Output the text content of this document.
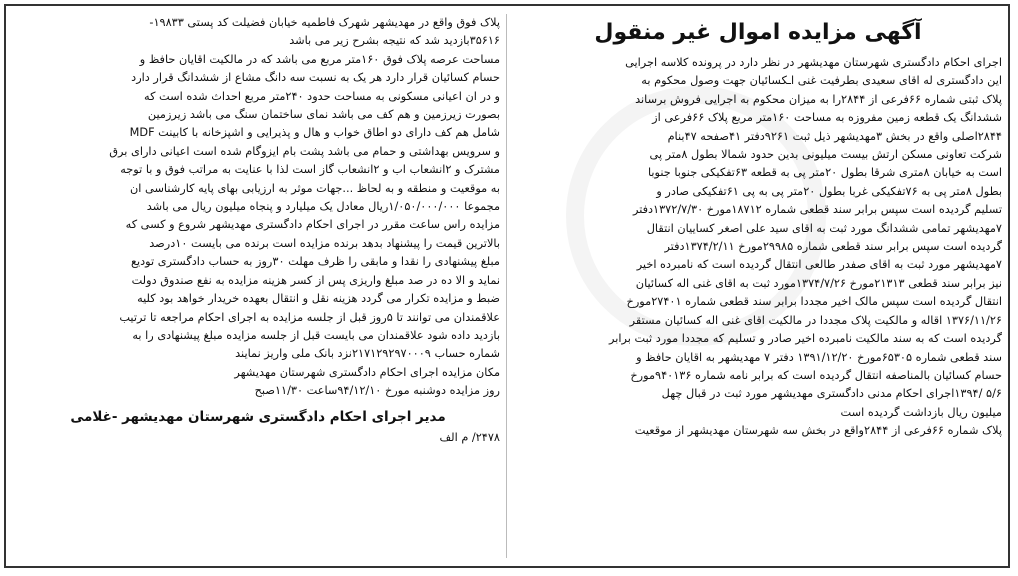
آگهی مزایده اموال غیر منقول
اجرای احکام دادگستری شهرستان مهدیشهر در نظر دارد در پرونده کلاسه اجرایی
این دادگستری له اقای سعیدی بطرفیت غنی اـکسائیان جهت وصول محکوم به
پلاک ثبتی شماره ۶۶فرعی از ۲۸۴۴را به میزان محکوم به اجرایی فروش برساند
ششدانگ یک قطعه زمین مفروزه به مساحت ۱۶۰متر مربع پلاک ۶۶فرعی از
۲۸۴۴اصلی واقع در بخش ۳مهدیشهر ذیل ثبت ۹۲۶۱دفتر ۴۱صفحه ۴۷بنام
شرکت تعاونی مسکن ارتش بیست میلیونی بدین حدود شمالا بطول ۸متر پی
است به خیابان ۸متری شرقا بطول ۲۰متر پی به قطعه ۶۳تفکیکی جنوبا جنوبا
بطول ۸متر پی به ۷۶تفکیکی غربا بطول ۲۰متر پی به پی ۶۱تفکیکی صادر و
تسلیم گردیده است سپس برابر سند قطعی شماره ۱۸۷۱۲مورخ ۱۳۷۲/۷/۳۰دفتر
۷مهدیشهر تمامی ششدانگ مورد ثبت به اقای سید علی اصغر کساییان انتقال
گردیده است سپس برابر سند قطعی شماره ۲۹۹۸۵مورخ ۱۳۷۴/۲/۱۱دفتر
۷مهدیشهر مورد ثبت به اقای صفدر طالعی انتقال گردیده است که نامبرده اخیر
نیز برابر سند قطعی ۲۱۳۱۳مورخ ۱۳۷۴/۷/۲۶مورد ثبت به اقای غنی اله کسائیان
انتقال گردیده است سپس مالک اخیر مجددا برابر سند قطعی شماره ۲۷۴۰۱مورخ
۱۳۷۶/۱۱/۲۶ اقاله و مالکیت پلاک مجددا در مالکیت اقای غنی اله کسائیان مستقر
گردیده است که به سند مالکیت نامبرده اخیر صادر و تسلیم که مجددا مورد ثبت برابر
سند قطعی شماره ۶۵۳۰۵مورخ ۱۳۹۱/۱۲/۲۰ دفتر ۷ مهدیشهر به اقایان حافظ و
حسام کسائیان بالمناصفه انتقال گردیده است که برابر نامه شماره ۹۴۰۱۳۶مورخ
۵/۶ /۱۳۹۴اجرای احکام مدنی دادگستری مهدیشهر مورد ثبت در قبال چهل
میلیون ریال بازداشت گردیده است
پلاک شماره ۶۶فرعی از ۲۸۴۴واقع در بخش سه شهرستان مهدیشهر از موقعیت
پلاک فوق واقع در مهدیشهر شهرک فاطمیه خیابان فضیلت کد پستی ۱۹۸۳۳-
۳۵۶۱۶بازدید شد که نتیجه بشرح زیر می باشد
مساحت عرصه پلاک فوق ۱۶۰متر مربع می باشد که در مالکیت اقایان حافظ و
حسام کسائیان قرار دارد هر یک به نسبت سه دانگ مشاع از ششدانگ قرار دارد
و در ان اعیانی مسکونی به مساحت حدود ۲۴۰متر مربع احداث شده است که
بصورت زیرزمین و هم کف می باشد نمای ساختمان سنگ می باشد زیرزمین
شامل هم کف دارای دو اطاق خواب و هال و پذیرایی و اشپزخانه با کابینت MDF
و سرویس بهداشتی و حمام می باشد پشت بام ایزوگام شده است اعیانی دارای برق
مشترک و ۲انشعاب اب و ۲انشعاب گاز است لذا با عنایت به مراتب فوق و با توجه
به موقعیت و منطقه و به لحاظ ...جهات موثر به ارزیابی بهای پایه کارشناسی ان
مجموعا ۱/۰۵۰/۰۰۰/۰۰۰ریال معادل یک میلیارد و پنجاه میلیون ریال می باشد
مزایده راس ساعت مقرر در اجرای احکام دادگستری مهدیشهر شروع و کسی که
بالاترین قیمت را پیشنهاد بدهد برنده مزایده است برنده می بایست ۱۰درصد
مبلغ پیشنهادی را نقدا و مابقی را ظرف مهلت ۳۰روز به حساب دادگستری تودیع
نماید و الا ده در صد مبلغ واریزی پس از کسر هزینه مزایده به نفع صندوق دولت
ضبط و مزایده تکرار می گردد هزینه نقل و انتقال بعهده خریدار خواهد بود کلیه
علاقمندان می توانند تا ۵روز قبل از جلسه مزایده به اجرای احکام مراجعه تا ترتیب
بازدید داده شود علاقمندان می بایست قبل از جلسه مزایده مبلغ پیشنهادی را به
شماره حساب ۲۱۷۱۲۹۲۹۷۰۰۰۹نزد بانک ملی واریز نمایند
مکان مزایده اجرای احکام دادگستری شهرستان مهدیشهر
روز مزایده دوشنبه مورخ ۹۴/۱۲/۱۰ساعت ۱۱/۳۰صبح
مدیر اجرای احکام دادگستری شهرستان مهدیشهر -غلامی
۲۴۷۸/ م الف
